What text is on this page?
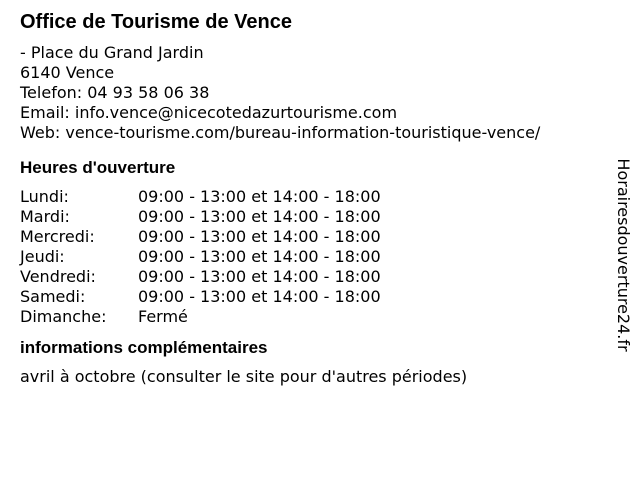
Office de Tourisme de Vence
- Place du Grand Jardin
6140 Vence
Telefon: 04 93 58 06 38
Email: info.vence@nicecotedazurtourisme.com
Web: vence-tourisme.com/bureau-information-touristique-vence/
Heures d'ouverture
Lundi:	09:00 - 13:00 et 14:00 - 18:00
Mardi:	09:00 - 13:00 et 14:00 - 18:00
Mercredi:	09:00 - 13:00 et 14:00 - 18:00
Jeudi:	09:00 - 13:00 et 14:00 - 18:00
Vendredi:	09:00 - 13:00 et 14:00 - 18:00
Samedi:	09:00 - 13:00 et 14:00 - 18:00
Dimanche:	Fermé
informations complémentaires
avril à octobre (consulter le site pour d'autres périodes)
Horairesdouverture24.fr
